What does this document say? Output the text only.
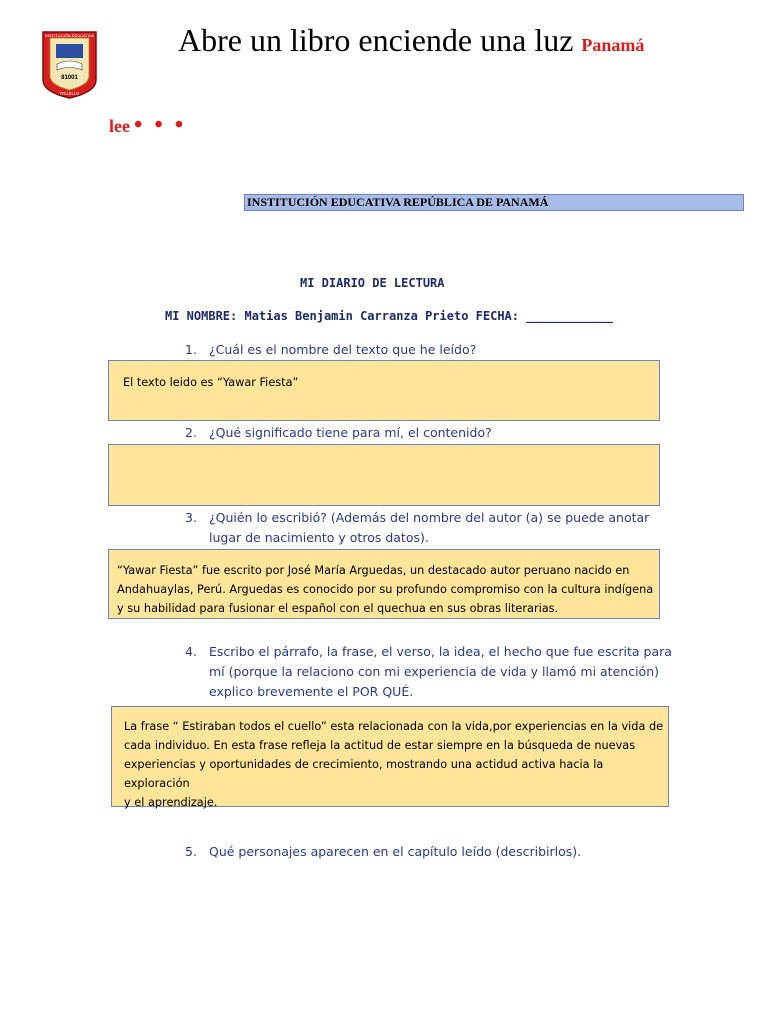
INSTITUCIÓN EDUCATIVA
81001
TRUJILLO
Abre un libro enciende una luz Panamá
lee • • •
INSTITUCIÓN EDUCATIVA REPÚBLICA DE PANAMÁ
MI DIARIO DE LECTURA
MI NOMBRE: Matias Benjamin Carranza Prieto FECHA: ____________
1. ¿Cuál es el nombre del texto que he leído?
El texto leido es “Yawar Fiesta”
2. ¿Qué significado tiene para mí, el contenido?
3. ¿Quién lo escribió? (Además del nombre del autor (a) se puede anotar
lugar de nacimiento y otros datos).
“Yawar Fiesta” fue escrito por José María Arguedas, un destacado autor peruano nacido en
Andahuaylas, Perú. Arguedas es conocido por su profundo compromiso con la cultura indígena
y su habilidad para fusionar el español con el quechua en sus obras literarias.
4. Escribo el párrafo, la frase, el verso, la idea, el hecho que fue escrita para
mí (porque la relaciono con mi experiencia de vida y llamó mi atención)
explico brevemente el POR QUÉ.
La frase “ Estiraban todos el cuello” esta relacionada con la vida,por experiencias en la vida de
cada individuo. En esta frase refleja la actitud de estar siempre en la búsqueda de nuevas
experiencias y oportunidades de crecimiento, mostrando una actidud activa hacia la exploración
y el aprendizaje.
5. Qué personajes aparecen en el capítulo leído (describirlos).
